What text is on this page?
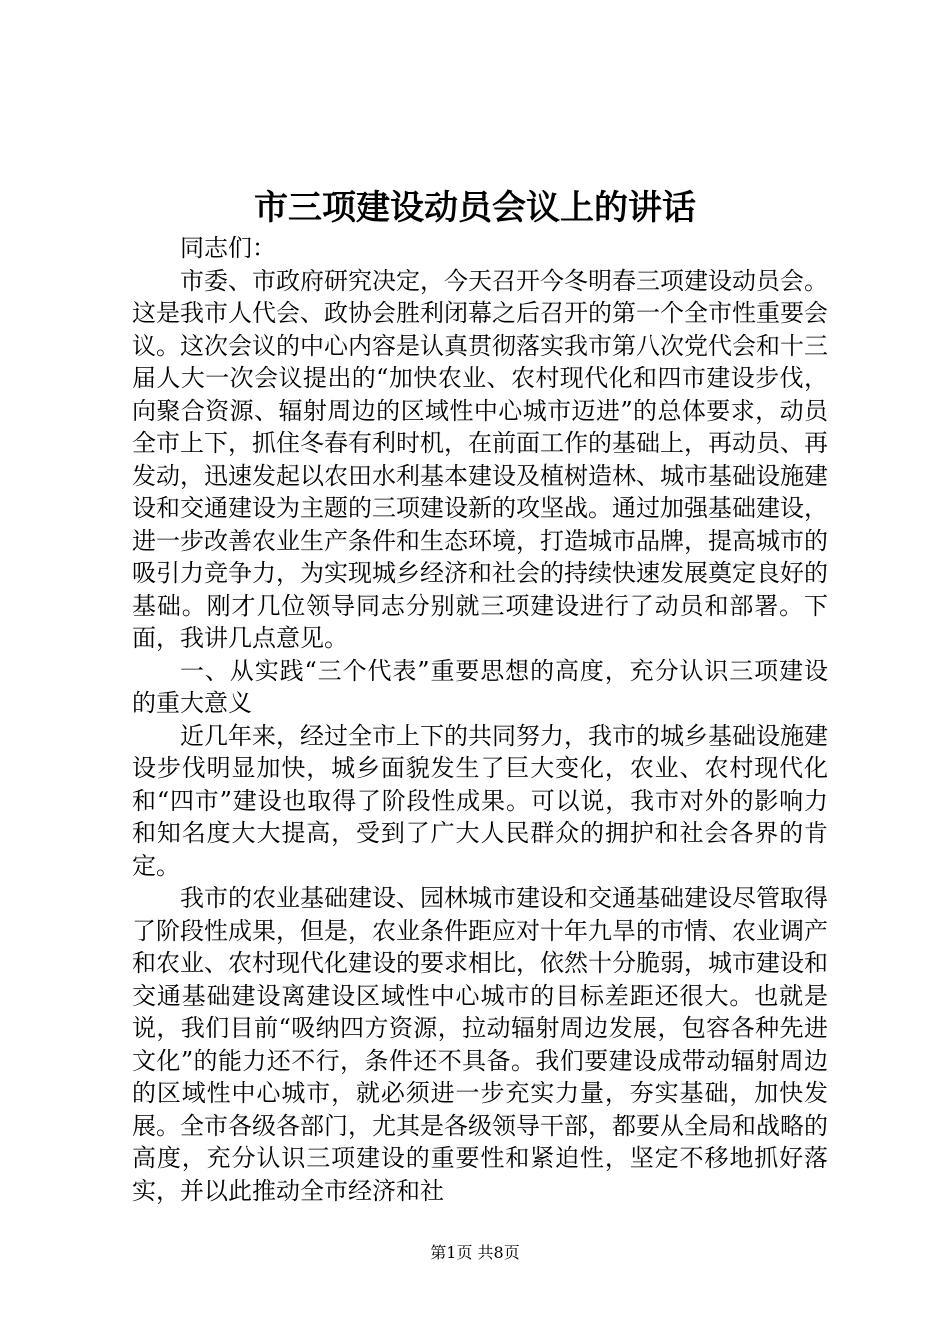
市三项建设动员会议上的讲话

同志们：

市委、市政府研究决定，今天召开今冬明春三项建设动员会。这是我市人代会、政协会胜利闭幕之后召开的第一个全市性重要会议。这次会议的中心内容是认真贯彻落实我市第八次党代会和十三届人大一次会议提出的“加快农业、农村现代化和四市建设步伐，向聚合资源、辐射周边的区域性中心城市迈进”的总体要求，动员全市上下，抓住冬春有利时机，在前面工作的基础上，再动员、再发动，迅速发起以农田水利基本建设及植树造林、城市基础设施建设和交通建设为主题的三项建设新的攻坚战。通过加强基础建设，进一步改善农业生产条件和生态环境，打造城市品牌，提高城市的吸引力竞争力，为实现城乡经济和社会的持续快速发展奠定良好的基础。刚才几位领导同志分别就三项建设进行了动员和部署。下面，我讲几点意见。

一、从实践“三个代表”重要思想的高度，充分认识三项建设的重大意义

近几年来，经过全市上下的共同努力，我市的城乡基础设施建设步伐明显加快，城乡面貌发生了巨大变化，农业、农村现代化和“四市”建设也取得了阶段性成果。可以说，我市对外的影响力和知名度大大提高，受到了广大人民群众的拥护和社会各界的肯定。

我市的农业基础建设、园林城市建设和交通基础建设尽管取得了阶段性成果，但是，农业条件距应对十年九旱的市情、农业调产和农业、农村现代化建设的要求相比，依然十分脆弱，城市建设和交通基础建设离建设区域性中心城市的目标差距还很大。也就是说，我们目前“吸纳四方资源，拉动辐射周边发展，包容各种先进文化”的能力还不行，条件还不具备。我们要建设成带动辐射周边的区域性中心城市，就必须进一步充实力量，夯实基础，加快发展。全市各级各部门，尤其是各级领导干部，都要从全局和战略的高度，充分认识三项建设的重要性和紧迫性，坚定不移地抓好落实，并以此推动全市经济和社

第1页 共8页
